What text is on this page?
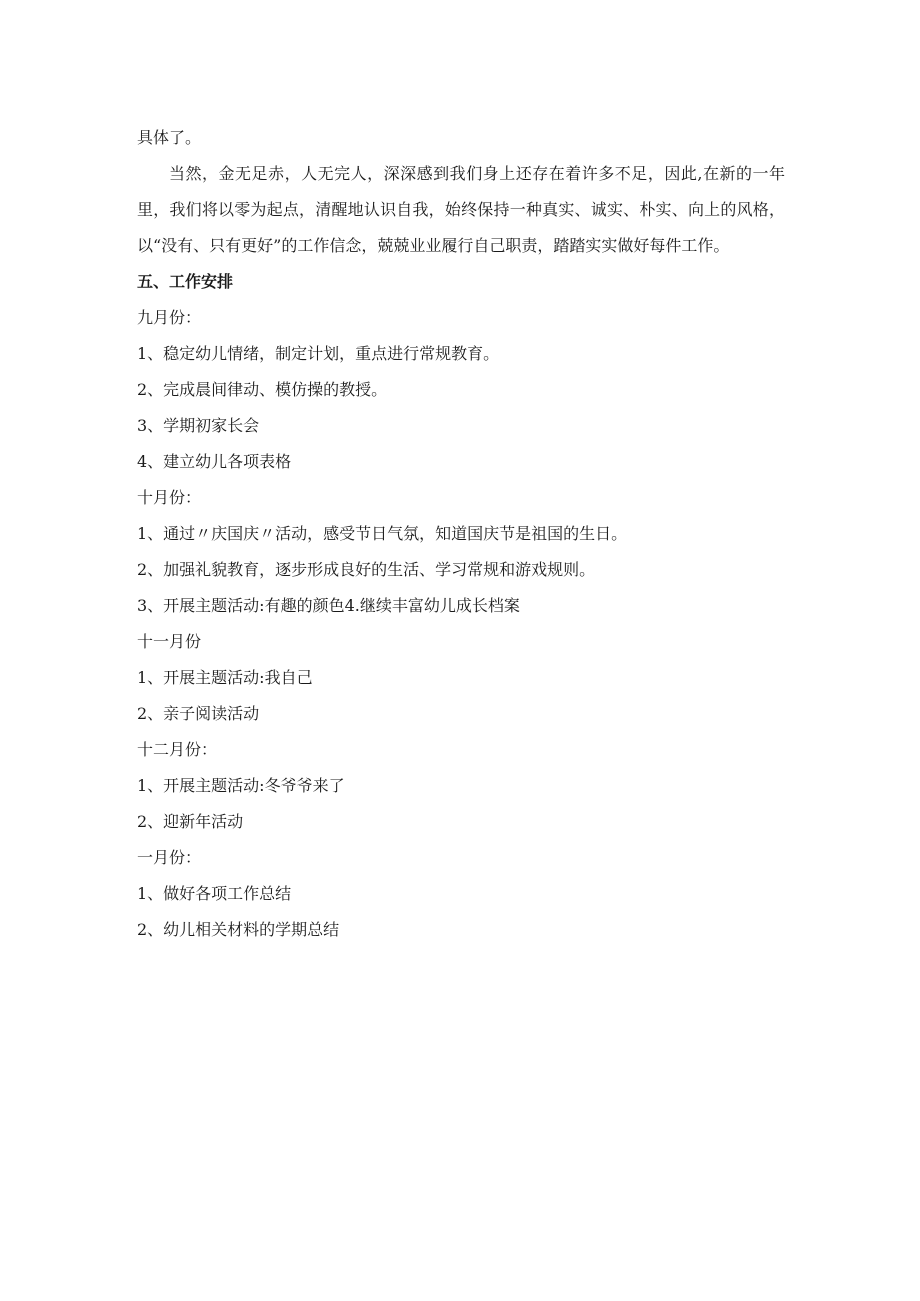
具体了。

当然，金无足赤，人无完人，深深感到我们身上还存在着许多不足，因此,在新的一年里，我们将以零为起点，清醒地认识自我，始终保持一种真实、诚实、朴实、向上的风格，以“没有、只有更好”的工作信念，兢兢业业履行自己职责，踏踏实实做好每件工作。

五、工作安排

九月份：

1、稳定幼儿情绪，制定计划，重点进行常规教育。

2、完成晨间律动、模仿操的教授。

3、学期初家长会

4、建立幼儿各项表格

十月份：

1、通过〃庆国庆〃活动，感受节日气氛，知道国庆节是祖国的生日。

2、加强礼貌教育，逐步形成良好的生活、学习常规和游戏规则。

3、开展主题活动:有趣的颜色4.继续丰富幼儿成长档案

十一月份

1、开展主题活动:我自己

2、亲子阅读活动

十二月份：

1、开展主题活动:冬爷爷来了

2、迎新年活动

一月份：

1、做好各项工作总结

2、幼儿相关材料的学期总结
